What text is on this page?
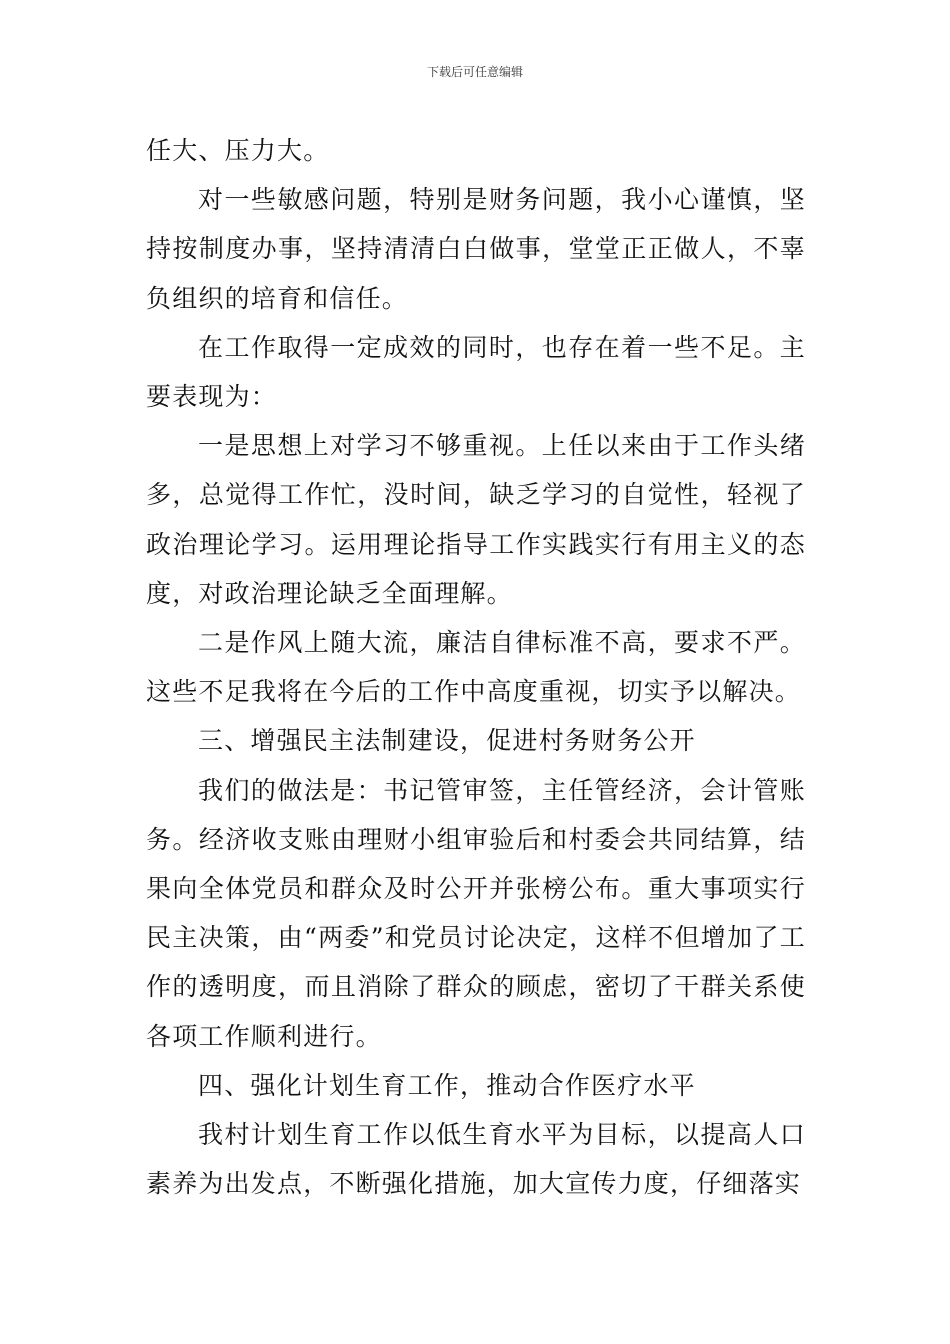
下载后可任意编辑

任大、压力大。

对一些敏感问题，特别是财务问题，我小心谨慎，坚持按制度办事，坚持清清白白做事，堂堂正正做人，不辜负组织的培育和信任。

在工作取得一定成效的同时，也存在着一些不足。主要表现为：

一是思想上对学习不够重视。上任以来由于工作头绪多，总觉得工作忙，没时间，缺乏学习的自觉性，轻视了政治理论学习。运用理论指导工作实践实行有用主义的态度，对政治理论缺乏全面理解。

二是作风上随大流，廉洁自律标准不高，要求不严。这些不足我将在今后的工作中高度重视，切实予以解决。

三、增强民主法制建设，促进村务财务公开

我们的做法是：书记管审签，主任管经济，会计管账务。经济收支账由理财小组审验后和村委会共同结算，结果向全体党员和群众及时公开并张榜公布。重大事项实行民主决策，由“两委”和党员讨论决定，这样不但增加了工作的透明度，而且消除了群众的顾虑，密切了干群关系使各项工作顺利进行。

四、强化计划生育工作，推动合作医疗水平

我村计划生育工作以低生育水平为目标，以提高人口素养为出发点，不断强化措施，加大宣传力度，仔细落实
